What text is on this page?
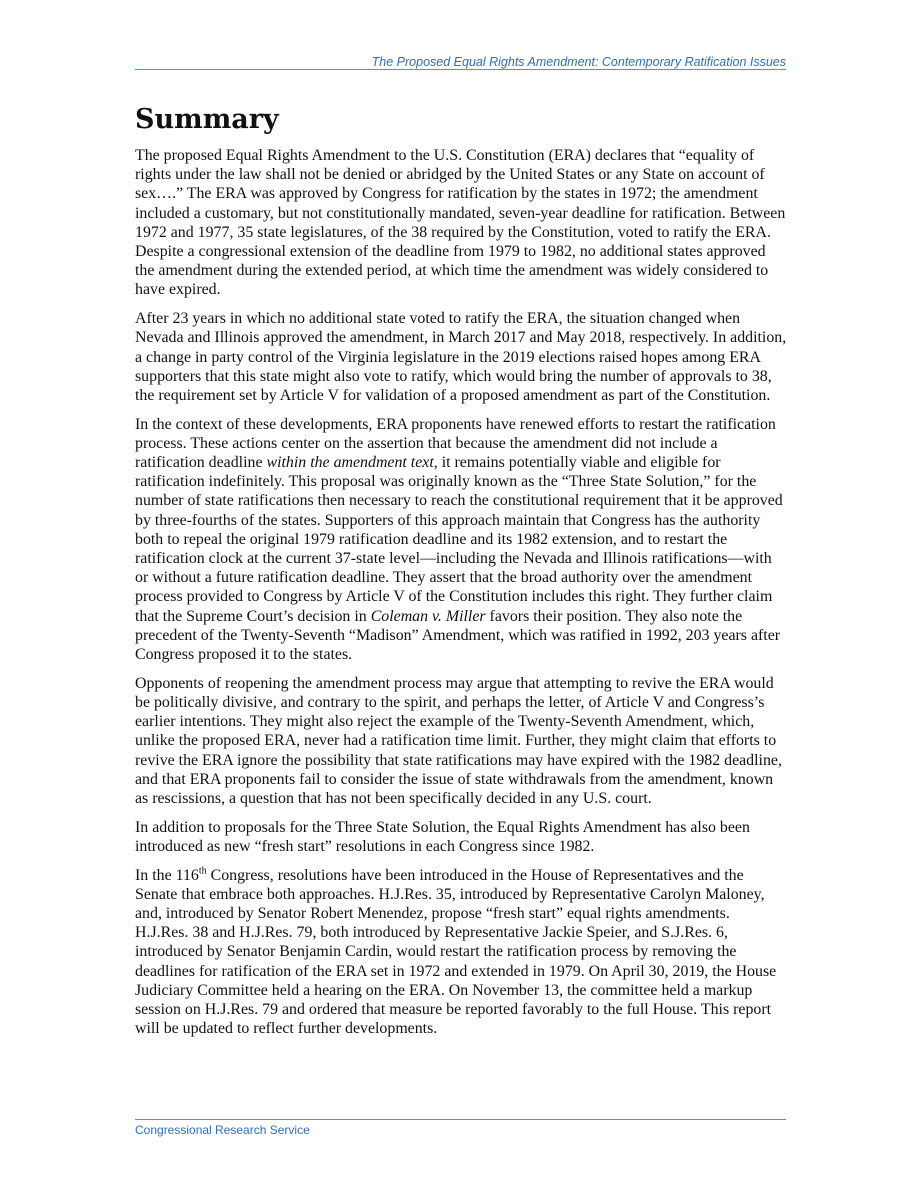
The Proposed Equal Rights Amendment: Contemporary Ratification Issues
Summary

The proposed Equal Rights Amendment to the U.S. Constitution (ERA) declares that “equality of rights under the law shall not be denied or abridged by the United States or any State on account of sex….” The ERA was approved by Congress for ratification by the states in 1972; the amendment included a customary, but not constitutionally mandated, seven-year deadline for ratification. Between 1972 and 1977, 35 state legislatures, of the 38 required by the Constitution, voted to ratify the ERA. Despite a congressional extension of the deadline from 1979 to 1982, no additional states approved the amendment during the extended period, at which time the amendment was widely considered to have expired.

After 23 years in which no additional state voted to ratify the ERA, the situation changed when Nevada and Illinois approved the amendment, in March 2017 and May 2018, respectively. In addition, a change in party control of the Virginia legislature in the 2019 elections raised hopes among ERA supporters that this state might also vote to ratify, which would bring the number of approvals to 38, the requirement set by Article V for validation of a proposed amendment as part of the Constitution.

In the context of these developments, ERA proponents have renewed efforts to restart the ratification process. These actions center on the assertion that because the amendment did not include a ratification deadline within the amendment text, it remains potentially viable and eligible for ratification indefinitely. This proposal was originally known as the “Three State Solution,” for the number of state ratifications then necessary to reach the constitutional requirement that it be approved by three-fourths of the states. Supporters of this approach maintain that Congress has the authority both to repeal the original 1979 ratification deadline and its 1982 extension, and to restart the ratification clock at the current 37-state level—including the Nevada and Illinois ratifications—with or without a future ratification deadline. They assert that the broad authority over the amendment process provided to Congress by Article V of the Constitution includes this right. They further claim that the Supreme Court’s decision in Coleman v. Miller favors their position. They also note the precedent of the Twenty-Seventh “Madison” Amendment, which was ratified in 1992, 203 years after Congress proposed it to the states.

Opponents of reopening the amendment process may argue that attempting to revive the ERA would be politically divisive, and contrary to the spirit, and perhaps the letter, of Article V and Congress’s earlier intentions. They might also reject the example of the Twenty-Seventh Amendment, which, unlike the proposed ERA, never had a ratification time limit. Further, they might claim that efforts to revive the ERA ignore the possibility that state ratifications may have expired with the 1982 deadline, and that ERA proponents fail to consider the issue of state withdrawals from the amendment, known as rescissions, a question that has not been specifically decided in any U.S. court.

In addition to proposals for the Three State Solution, the Equal Rights Amendment has also been introduced as new “fresh start” resolutions in each Congress since 1982.

In the 116th Congress, resolutions have been introduced in the House of Representatives and the Senate that embrace both approaches. H.J.Res. 35, introduced by Representative Carolyn Maloney, and, introduced by Senator Robert Menendez, propose “fresh start” equal rights amendments. H.J.Res. 38 and H.J.Res. 79, both introduced by Representative Jackie Speier, and S.J.Res. 6, introduced by Senator Benjamin Cardin, would restart the ratification process by removing the deadlines for ratification of the ERA set in 1972 and extended in 1979. On April 30, 2019, the House Judiciary Committee held a hearing on the ERA. On November 13, the committee held a markup session on H.J.Res. 79 and ordered that measure be reported favorably to the full House. This report will be updated to reflect further developments.

Congressional Research Service
